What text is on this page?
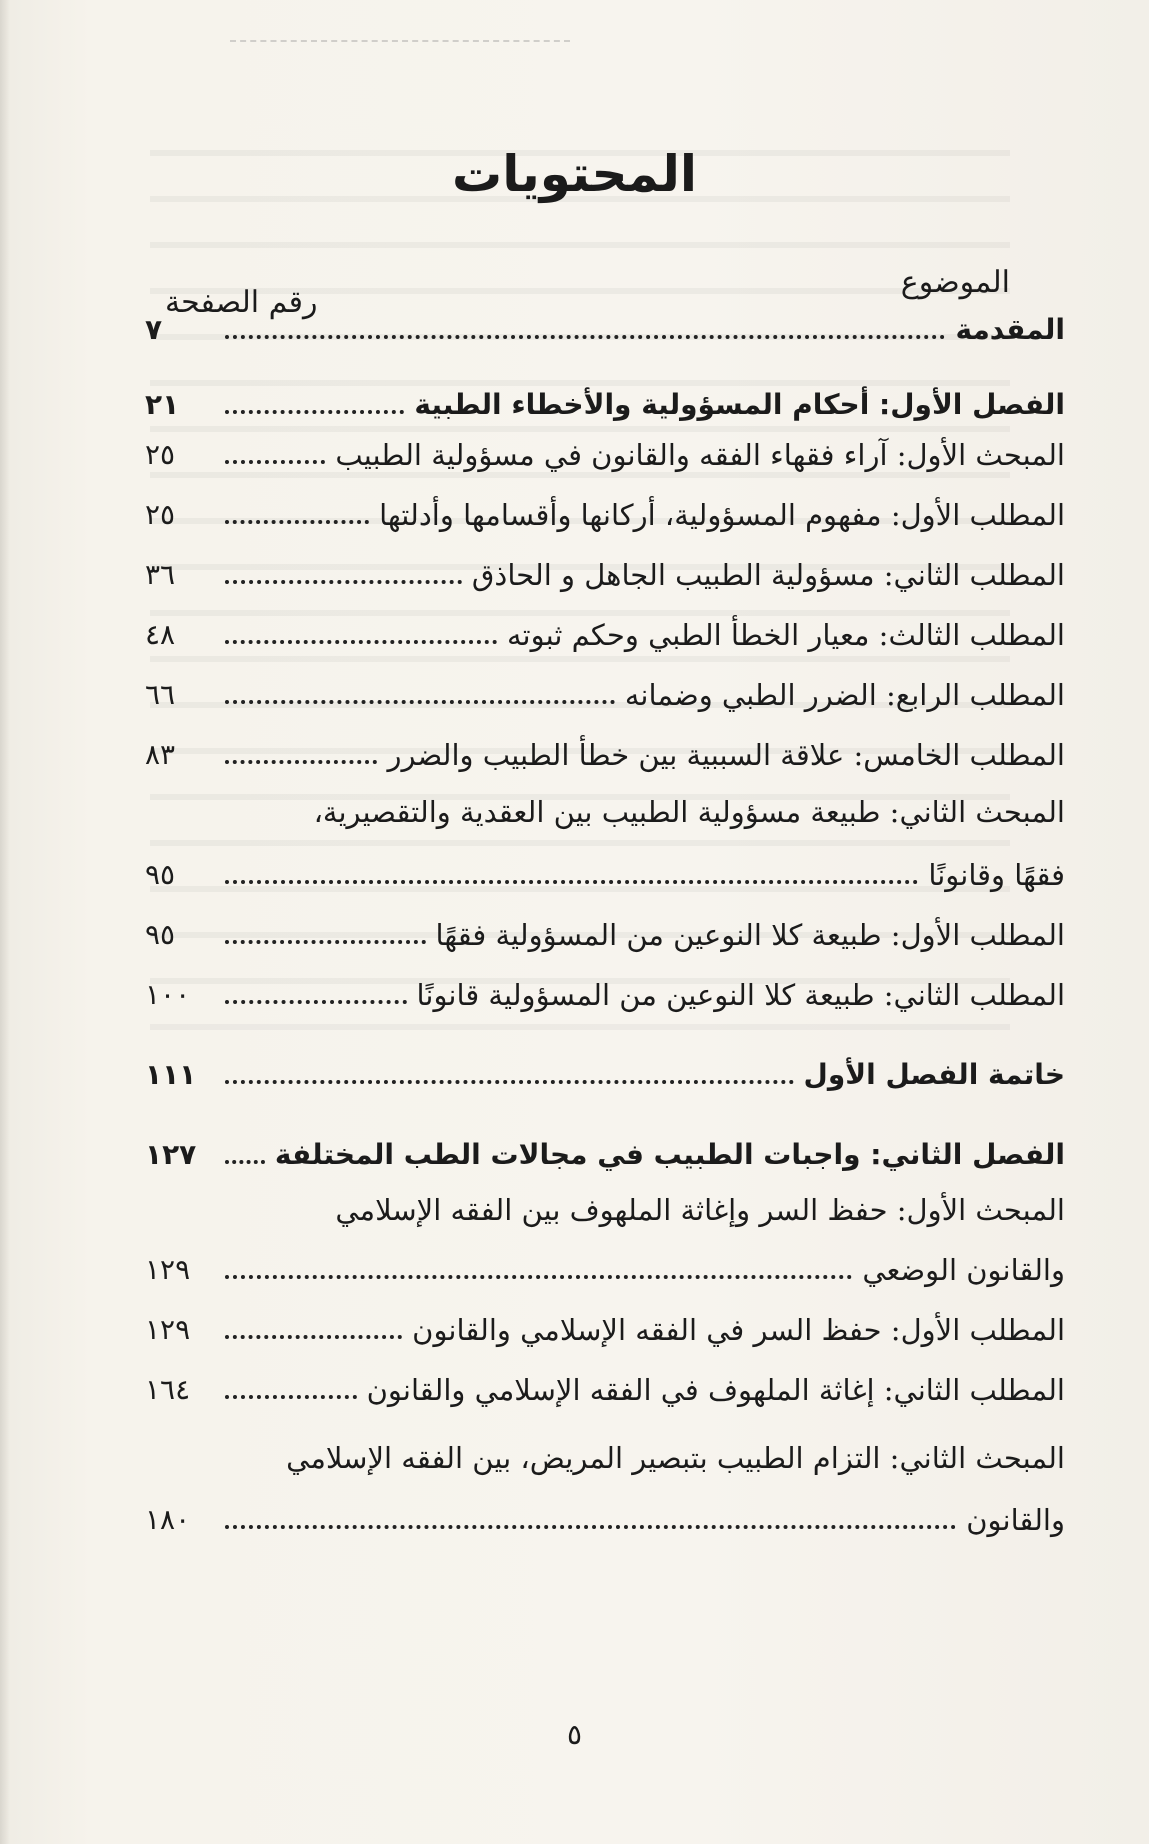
المحتويات
الموضوع
رقم الصفحة
المقدمة
٧
الفصل الأول: أحكام المسؤولية والأخطاء الطبية
٢١
المبحث الأول: آراء فقهاء الفقه والقانون في مسؤولية الطبيب
٢٥
المطلب الأول: مفهوم المسؤولية، أركانها وأقسامها وأدلتها
٢٥
المطلب الثاني: مسؤولية الطبيب الجاهل و الحاذق
٣٦
المطلب الثالث: معيار الخطأ الطبي وحكم ثبوته
٤٨
المطلب الرابع: الضرر الطبي وضمانه
٦٦
المطلب الخامس: علاقة السببية بين خطأ الطبيب والضرر
٨٣
المبحث الثاني: طبيعة مسؤولية الطبيب بين العقدية والتقصيرية،
فقهًا وقانونًا
٩٥
المطلب الأول: طبيعة كلا النوعين من المسؤولية فقهًا
٩٥
المطلب الثاني: طبيعة كلا النوعين من المسؤولية قانونًا
١٠٠
خاتمة الفصل الأول
١١١
الفصل الثاني: واجبات الطبيب في مجالات الطب المختلفة
١٢٧
المبحث الأول: حفظ السر وإغاثة الملهوف بين الفقه الإسلامي
والقانون الوضعي
١٢٩
المطلب الأول: حفظ السر في الفقه الإسلامي والقانون
١٢٩
المطلب الثاني: إغاثة الملهوف في الفقه الإسلامي والقانون
١٦٤
المبحث الثاني: التزام الطبيب بتبصير المريض، بين الفقه الإسلامي
والقانون
١٨٠
٥
